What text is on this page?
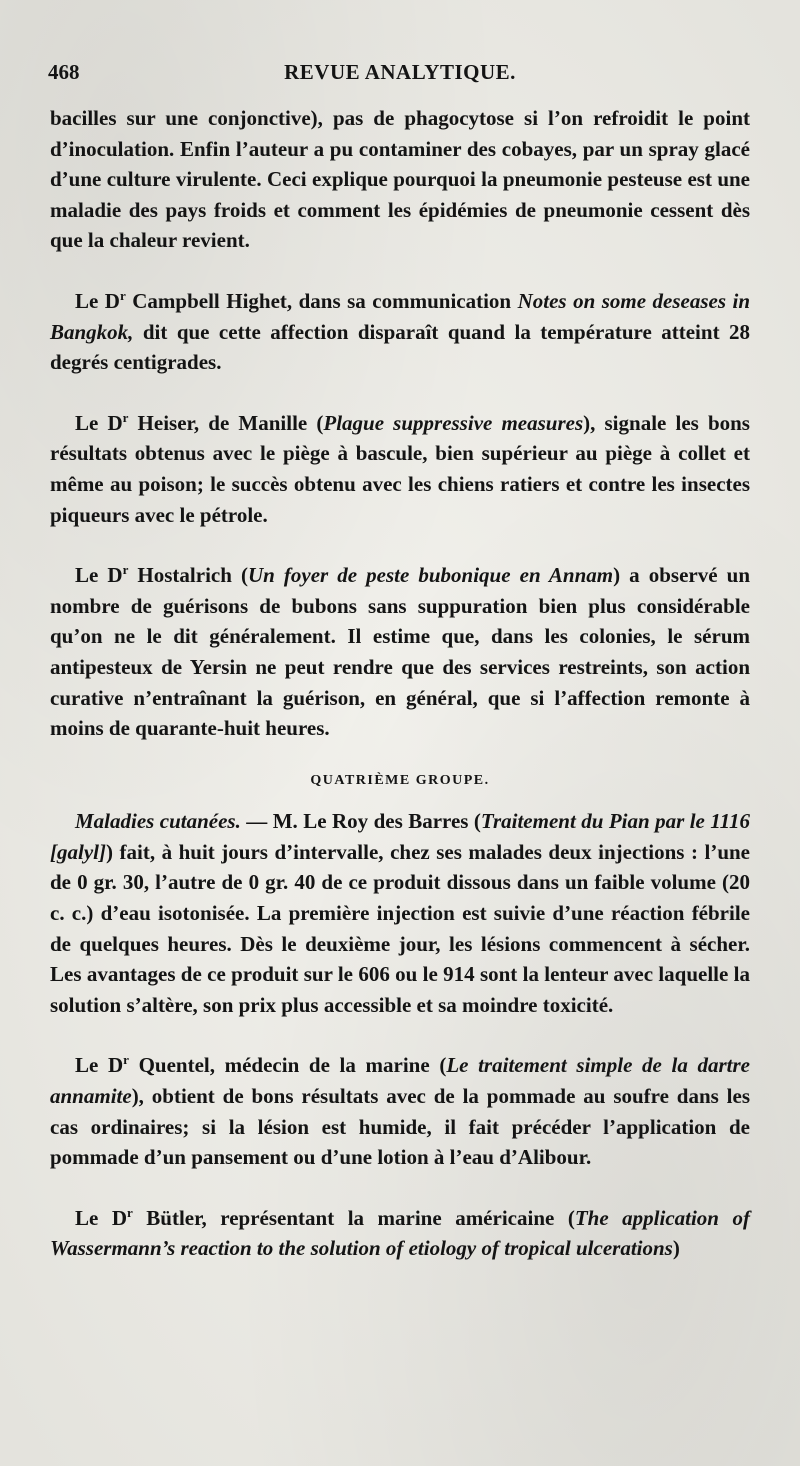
468	REVUE ANALYTIQUE.

bacilles sur une conjonctive), pas de phagocytose si l’on refroidit le point d’inoculation. Enfin l’auteur a pu contaminer des cobayes, par un spray glacé d’une culture virulente. Ceci explique pourquoi la pneumonie pesteuse est une maladie des pays froids et comment les épidémies de pneumonie cessent dès que la chaleur revient.

Le $D^r$ Campbell Highet, dans sa communication Notes on some deseases in Bangkok, dit que cette affection disparaît quand la température atteint 28 degrés centigrades.

Le $D^r$ Heiser, de Manille (Plague suppressive measures), signale les bons résultats obtenus avec le piège à bascule, bien supérieur au piège à collet et même au poison; le succès obtenu avec les chiens ratiers et contre les insectes piqueurs avec le pétrole.

Le $D^r$ Hostalrich (Un foyer de peste bubonique en Annam) a observé un nombre de guérisons de bubons sans suppuration bien plus considérable qu’on ne le dit généralement. Il estime que, dans les colonies, le sérum antipesteux de Yersin ne peut rendre que des services restreints, son action curative n’entraînant la guérison, en général, que si l’affection remonte à moins de quarante-huit heures.

QUATRIÈME GROUPE.

Maladies cutanées. — M. Le Roy des Barres (Traitement du Pian par le 1116 [galyl]) fait, à huit jours d’intervalle, chez ses malades deux injections : l’une de 0 gr. 30, l’autre de 0 gr. 40 de ce produit dissous dans un faible volume (20 c. c.) d’eau isotonisée. La première injection est suivie d’une réaction fébrile de quelques heures. Dès le deuxième jour, les lésions commencent à sécher. Les avantages de ce produit sur le 606 ou le 914 sont la lenteur avec laquelle la solution s’altère, son prix plus accessible et sa moindre toxicité.

Le $D^r$ Quentel, médecin de la marine (Le traitement simple de la dartre annamite), obtient de bons résultats avec de la pommade au soufre dans les cas ordinaires; si la lésion est humide, il fait précéder l’application de pommade d’un pansement ou d’une lotion à l’eau d’Alibour.

Le $D^r$ Bütler, représentant la marine américaine (The application of Wassermann’s reaction to the solution of etiology of tropical ulcerations)
